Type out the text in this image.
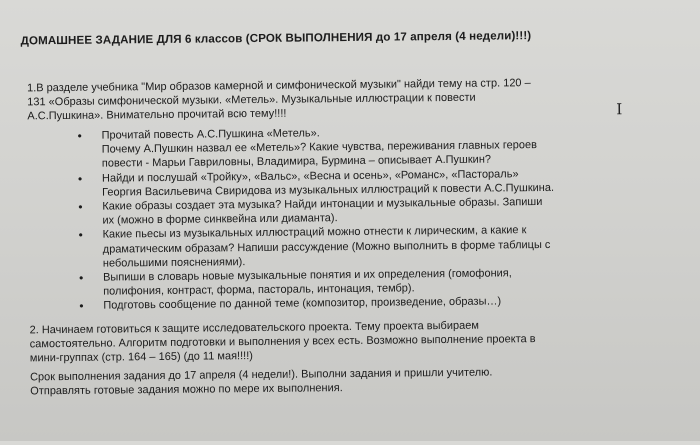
ДОМАШНЕЕ ЗАДАНИЕ ДЛЯ 6 классов (СРОК ВЫПОЛНЕНИЯ до 17 апреля (4 недели)!!!)
1.В разделе учебника "Мир образов камерной и симфонической музыки" найди тему на стр. 120 –
131 «Образы симфонической музыки. «Метель». Музыкальные иллюстрации к повести
А.С.Пушкина». Внимательно прочитай всю тему!!!!
• Прочитай повесть А.С.Пушкина «Метель».
Почему А.Пушкин назвал ее «Метель»? Какие чувства, переживания главных героев
повести - Марьи Гавриловны, Владимира, Бурмина – описывает А.Пушкин?
• Найди и послушай «Тройку», «Вальс», «Весна и осень», «Романс», «Пастораль»
Георгия Васильевича Свиридова из музыкальных иллюстраций к повести А.С.Пушкина.
• Какие образы создает эта музыка? Найди интонации и музыкальные образы. Запиши
их (можно в форме синквейна или диаманта).
• Какие пьесы из музыкальных иллюстраций можно отнести к лирическим, а какие к
драматическим образам? Напиши рассуждение (Можно выполнить в форме таблицы с
небольшими пояснениями).
• Выпиши в словарь новые музыкальные понятия и их определения (гомофония,
полифония, контраст, форма, пастораль, интонация, тембр).
• Подготовь сообщение по данной теме (композитор, произведение, образы…)
2. Начинаем готовиться к защите исследовательского проекта. Тему проекта выбираем
самостоятельно. Алгоритм подготовки и выполнения у всех есть. Возможно выполнение проекта в
мини-группах (стр. 164 – 165) (до 11 мая!!!!)
Срок выполнения задания до 17 апреля (4 недели!). Выполни задания и пришли учителю.
Отправлять готовые задания можно по мере их выполнения.
I
